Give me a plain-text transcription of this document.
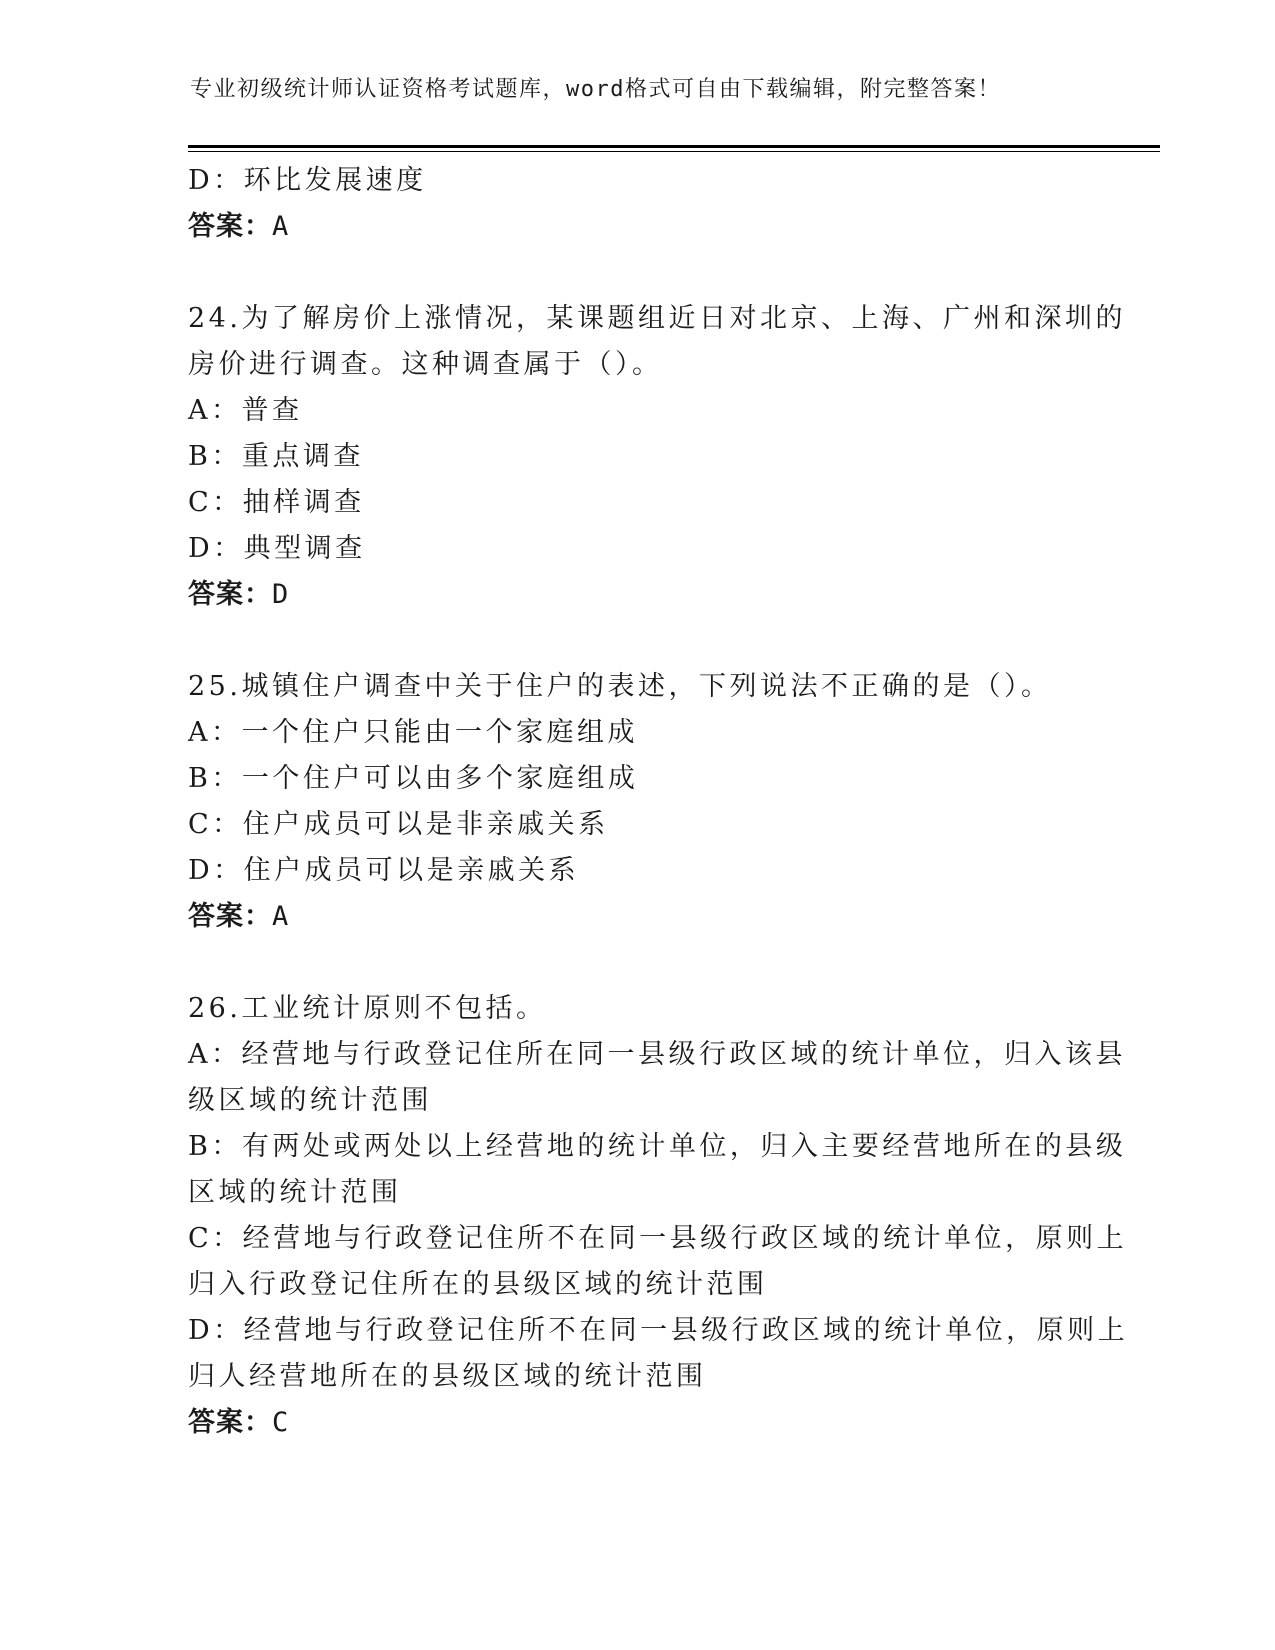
专业初级统计师认证资格考试题库，word格式可自由下载编辑，附完整答案！
D：环比发展速度
答案：A
24.为了解房价上涨情况，某课题组近日对北京、上海、广州和深圳的
房价进行调查。这种调查属于（）。
A：普查
B：重点调查
C：抽样调查
D：典型调查
答案：D
25.城镇住户调查中关于住户的表述，下列说法不正确的是（）。
A：一个住户只能由一个家庭组成
B：一个住户可以由多个家庭组成
C：住户成员可以是非亲戚关系
D：住户成员可以是亲戚关系
答案：A
26.工业统计原则不包括。
A：经营地与行政登记住所在同一县级行政区域的统计单位，归入该县
级区域的统计范围
B：有两处或两处以上经营地的统计单位，归入主要经营地所在的县级
区域的统计范围
C：经营地与行政登记住所不在同一县级行政区域的统计单位，原则上
归入行政登记住所在的县级区域的统计范围
D：经营地与行政登记住所不在同一县级行政区域的统计单位，原则上
归人经营地所在的县级区域的统计范围
答案：C
